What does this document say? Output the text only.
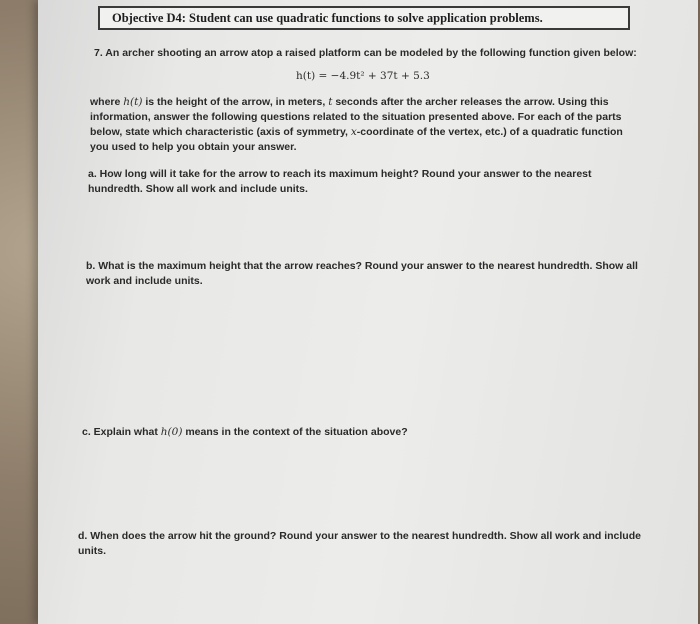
Objective D4: Student can use quadratic functions to solve application problems.
7. An archer shooting an arrow atop a raised platform can be modeled by the following function given below:
h(t) = −4.9t² + 37t + 5.3
where h(t) is the height of the arrow, in meters, t seconds after the archer releases the arrow. Using this information, answer the following questions related to the situation presented above. For each of the parts below, state which characteristic (axis of symmetry, x-coordinate of the vertex, etc.) of a quadratic function you used to help you obtain your answer.
a. How long will it take for the arrow to reach its maximum height? Round your answer to the nearest hundredth. Show all work and include units.
b. What is the maximum height that the arrow reaches? Round your answer to the nearest hundredth. Show all work and include units.
c. Explain what h(0) means in the context of the situation above?
d. When does the arrow hit the ground? Round your answer to the nearest hundredth. Show all work and include units.
